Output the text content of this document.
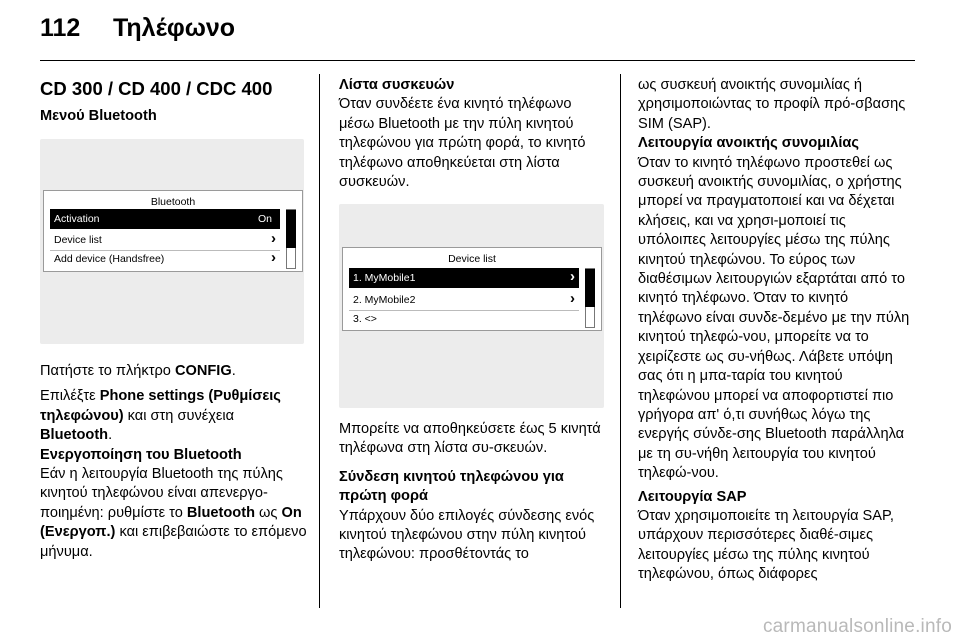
112 Τηλέφωνο
CD 300 / CD 400 / CDC 400
Μενού Bluetooth
Bluetooth
Activation	On
Device list	›
Add device (Handsfree)	›

Πατήστε το πλήκτρο CONFIG.

Επιλέξτε Phone settings (Ρυθμίσεις τηλεφώνου) και στη συνέχεια
Bluetooth.

Ενεργοποίηση του Bluetooth

Εάν η λειτουργία Bluetooth της πύλης κινητού τηλεφώνου είναι απενεργο-ποιημένη: ρυθμίστε το Bluetooth ως On (Ενεργοπ.) και επιβεβαιώστε το επόμενο μήνυμα.

Λίστα συσκευών

Όταν συνδέετε ένα κινητό τηλέφωνο μέσω Bluetooth με την πύλη κινητού τηλεφώνου για πρώτη φορά, το κινητό τηλέφωνο αποθηκεύεται στη λίστα συσκευών.

Device list
1. MyMobile1	›
2. MyMobile2	›
3. <>

Μπορείτε να αποθηκεύσετε έως 5 κινητά τηλέφωνα στη λίστα συ-σκευών.

Σύνδεση κινητού τηλεφώνου για πρώτη φορά

Υπάρχουν δύο επιλογές σύνδεσης ενός κινητού τηλεφώνου στην πύλη κινητού τηλεφώνου: προσθέτοντάς το

ως συσκευή ανοικτής συνομιλίας ή χρησιμοποιώντας το προφίλ πρό-σβασης SIM (SAP).

Λειτουργία ανοικτής συνομιλίας

Όταν το κινητό τηλέφωνο προστεθεί ως συσκευή ανοικτής συνομιλίας, ο χρήστης μπορεί να πραγματοποιεί και να δέχεται κλήσεις, και να χρησι-μοποιεί τις υπόλοιπες λειτουργίες μέσω της πύλης κινητού τηλεφώνου. Το εύρος των διαθέσιμων λειτουργιών εξαρτάται από το κινητό τηλέφωνο. Όταν το κινητό τηλέφωνο είναι συνδε-δεμένο με την πύλη κινητού τηλεφώ-νου, μπορείτε να το χειρίζεστε ως συ-νήθως. Λάβετε υπόψη σας ότι η μπα-ταρία του κινητού τηλεφώνου μπορεί να αποφορτιστεί πιο γρήγορα απ' ό,τι συνήθως λόγω της ενεργής σύνδε-σης Bluetooth παράλληλα με τη συ-νήθη λειτουργία του κινητού τηλεφώ-νου.

Λειτουργία SAP

Όταν χρησιμοποιείτε τη λειτουργία SAP, υπάρχουν περισσότερες διαθέ-σιμες λειτουργίες μέσω της πύλης κινητού τηλεφώνου, όπως διάφορες

carmanualsonline.info
